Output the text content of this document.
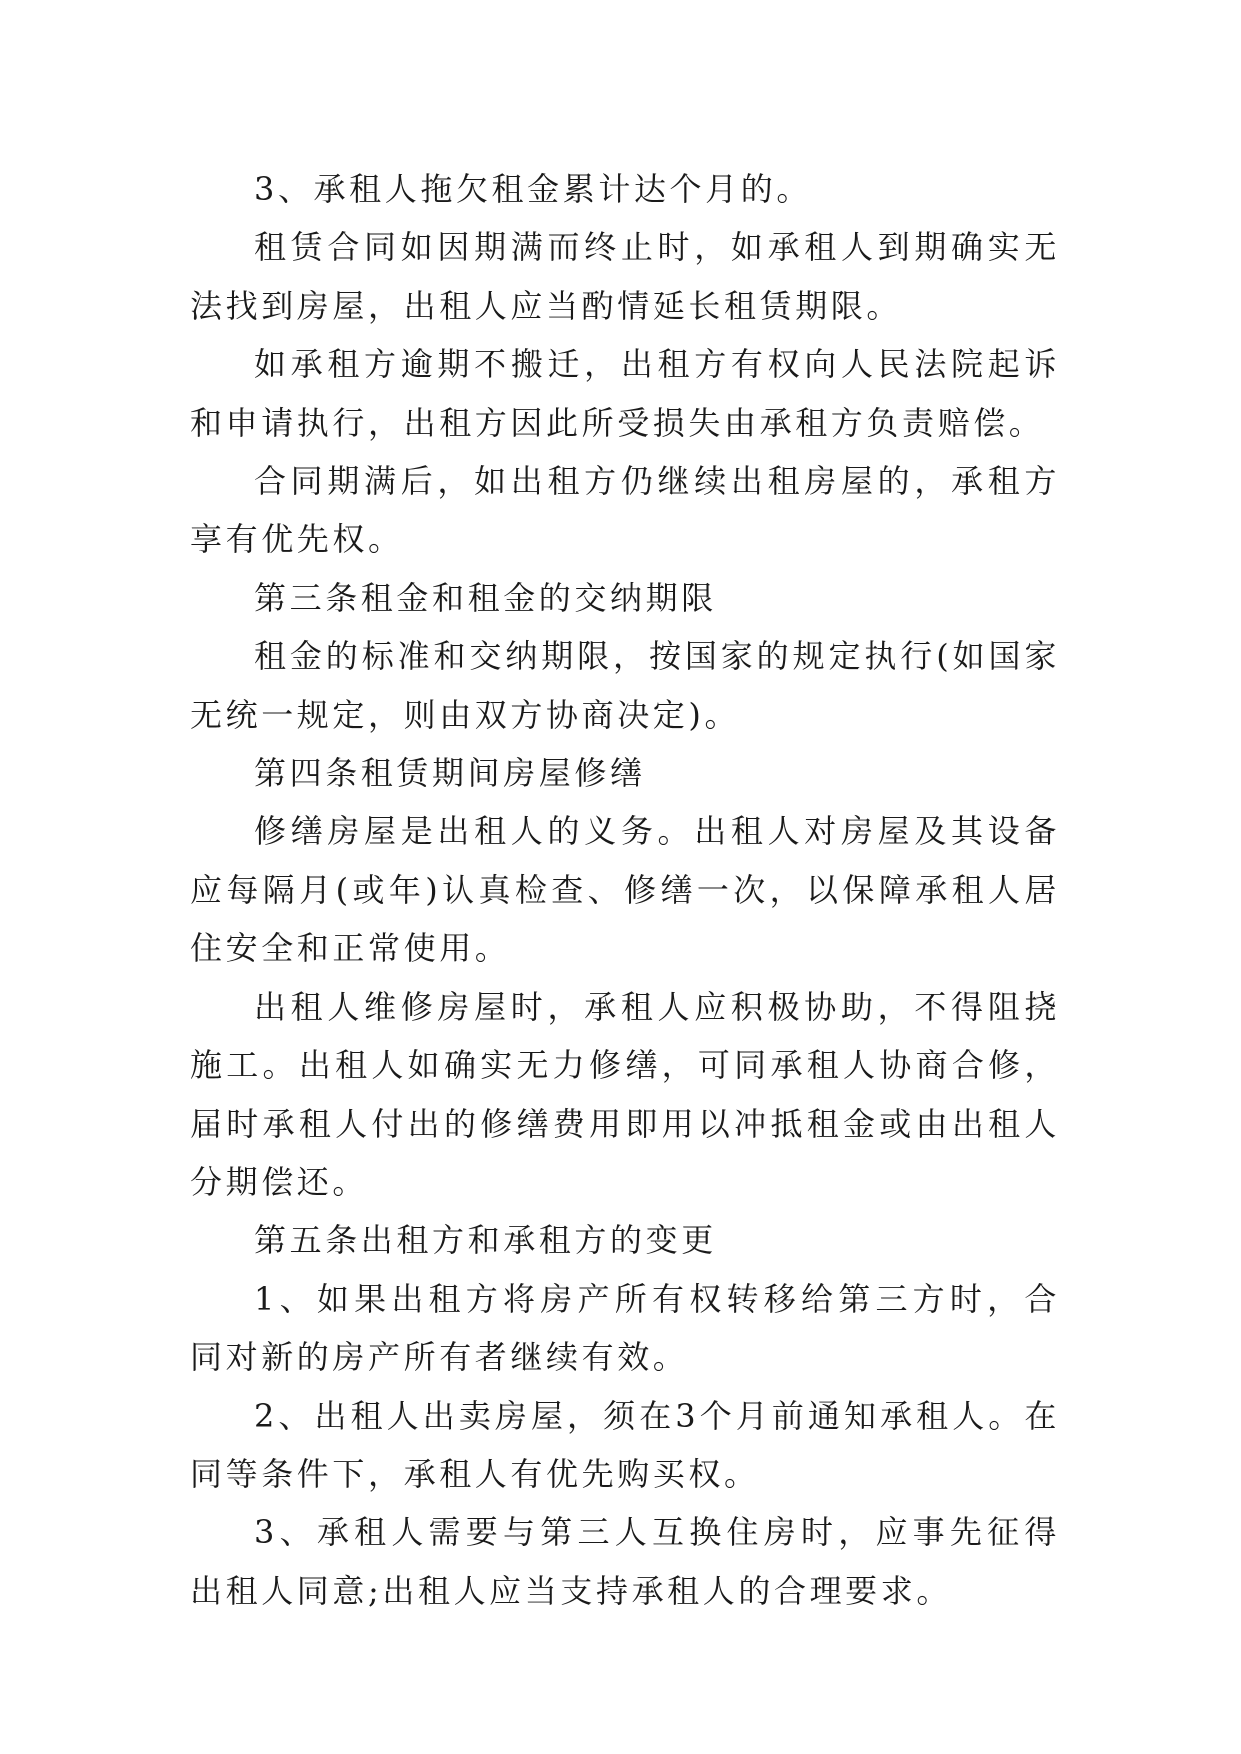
3、承租人拖欠租金累计达个月的。

租赁合同如因期满而终止时，如承租人到期确实无法找到房屋，出租人应当酌情延长租赁期限。

如承租方逾期不搬迁，出租方有权向人民法院起诉和申请执行，出租方因此所受损失由承租方负责赔偿。

合同期满后，如出租方仍继续出租房屋的，承租方享有优先权。

第三条租金和租金的交纳期限

租金的标准和交纳期限，按国家的规定执行(如国家无统一规定，则由双方协商决定)。

第四条租赁期间房屋修缮

修缮房屋是出租人的义务。出租人对房屋及其设备应每隔月(或年)认真检查、修缮一次，以保障承租人居住安全和正常使用。

出租人维修房屋时，承租人应积极协助，不得阻挠施工。出租人如确实无力修缮，可同承租人协商合修，届时承租人付出的修缮费用即用以冲抵租金或由出租人分期偿还。

第五条出租方和承租方的变更

1、如果出租方将房产所有权转移给第三方时，合同对新的房产所有者继续有效。

2、出租人出卖房屋，须在3个月前通知承租人。在同等条件下，承租人有优先购买权。

3、承租人需要与第三人互换住房时，应事先征得出租人同意;出租人应当支持承租人的合理要求。
